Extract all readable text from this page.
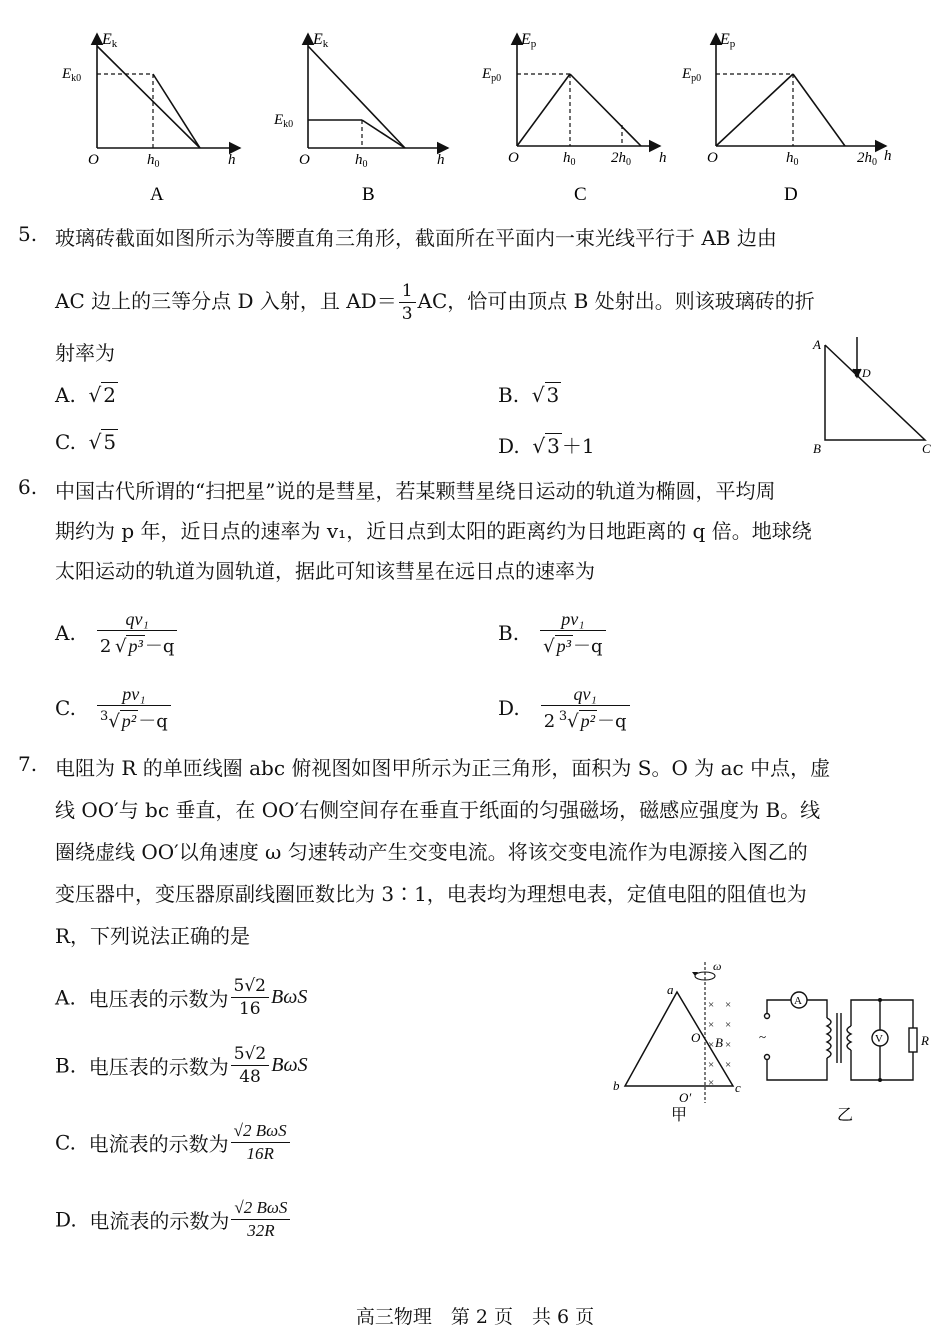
Ek
$E_{k0}$
O	$h_0$	h
A
Ek
$E_{k0}$
O	$h_0$	h
B
Ep
$E_{p0}$
O	$h_0$ $2h_0$ h
C
Ep
$E_{p0}$
O	$h_0$	$2h_0$ h
D
5. 玻璃砖截面如图所示为等腰直角三角形，截面所在平面内一束光线平行于 AB 边由
AC 边上的三等分点 D 入射，且 $AD= \frac{1}{3}$ AC，恰可由顶点 B 处射出。则该玻璃砖的折
射率为
A.  √ 2	B.  √ 3
C.  √ 5	D.  √ 3 ＋1
A
D
B	C
6. 中国古代所谓的“扫把星”说的是彗星，若某颗彗星绕日运动的轨道为椭圆，平均周
期约为 p 年，近日点的速率为 v₁，近日点到太阳的距离约为日地距离的 q 倍。地球绕
太阳运动的轨道为圆轨道，据此可知该彗星在远日点的速率为
A. $\frac{\text{qv₁}}{\text{2  √ p³ －q}}$	B. $\frac{\text{pv₁}}{\text{√ p³ －q}}$
C. $\frac{\text{pv₁}}{^3√ p^2 -q}$	D. $\frac{\text{qv₁}}{2 ^3√ p^2 -q}$
7. 电阻为 R 的单匝线圈 abc 俯视图如图甲所示为正三角形，面积为 S。O 为 ac 中点，虚
线 OO′与 bc 垂直，在 OO′右侧空间存在垂直于纸面的匀强磁场，磁感应强度为 B。线
圈绕虚线 OO′以角速度 ω 匀速转动产生交变电流。将该交变电流作为电源接入图乙的
变压器中，变压器原副线圈匝数比为 3∶1，电表均为理想电表，定值电阻的阻值也为
R，下列说法正确的是
A. 电压表的示数为 $\frac{5√2}{16}$ BωS
B. 电压表的示数为 $\frac{5√2}{48}$ BωS
C. 电流表的示数为 $\frac{\text{√2 BωS}}{16R}$
D. 电流表的示数为 $\frac{\text{√2 BωS}}{32R}$
× ×
× ×
× ×
× ×
×
ω
a
O B
b	c
O′
甲
A
V	R
~
乙
高三物理　第 2 页　共 6 页
